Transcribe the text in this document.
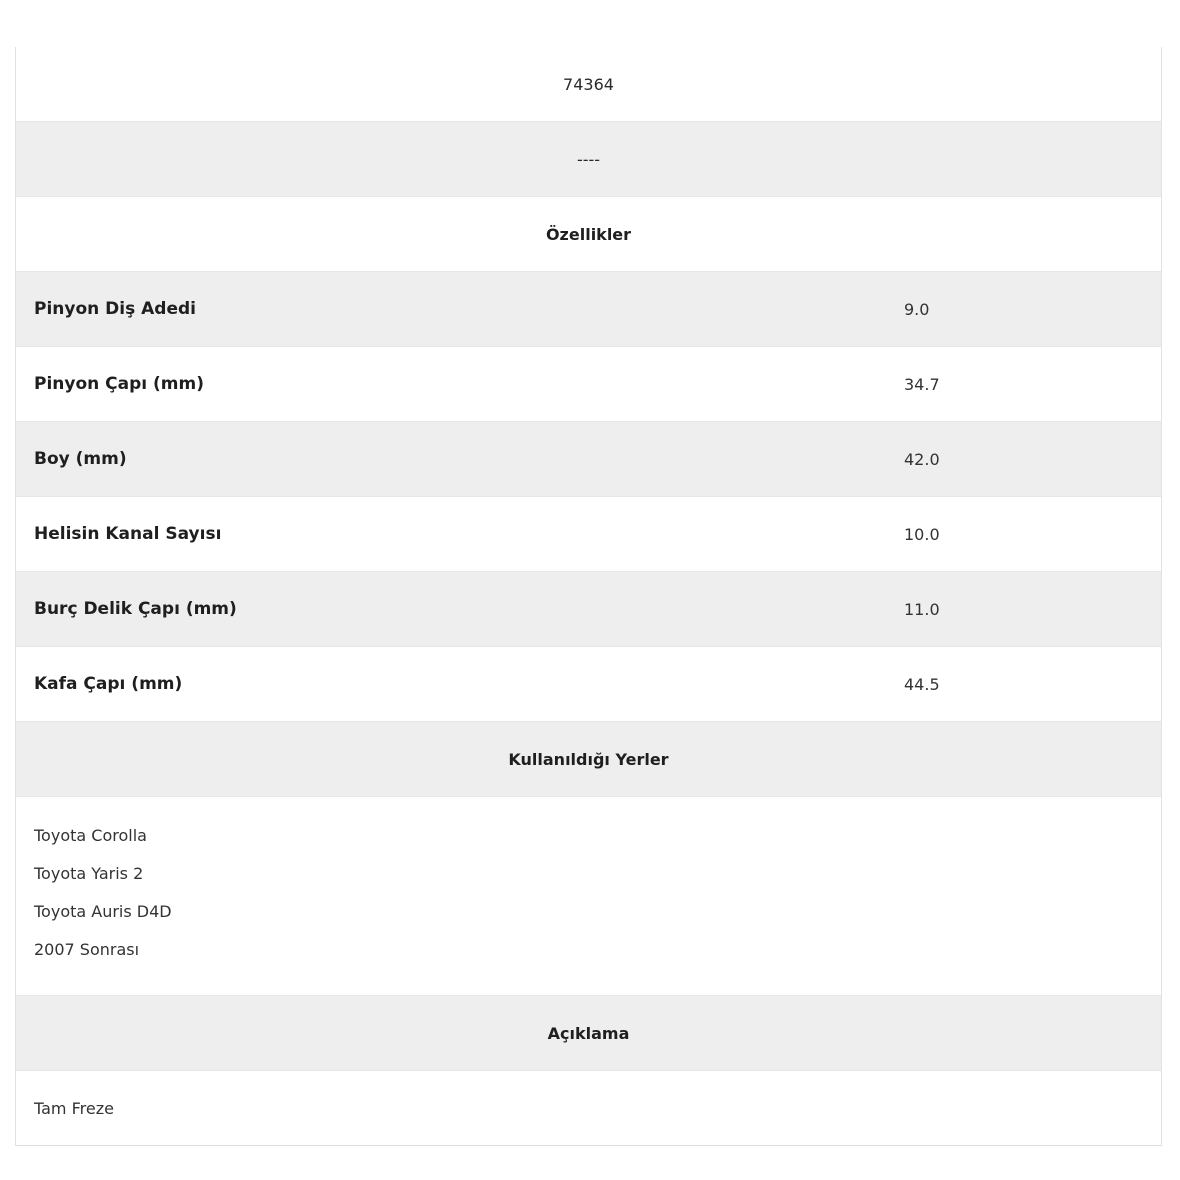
74364
----
Özellikler
Pinyon Diş Adedi	9.0
Pinyon Çapı (mm)	34.7
Boy (mm)	42.0
Helisin Kanal Sayısı	10.0
Burç Delik Çapı (mm)	11.0
Kafa Çapı (mm)	44.5
Kullanıldığı Yerler
Toyota Corolla
Toyota Yaris 2
Toyota Auris D4D
2007 Sonrası
Açıklama
Tam Freze
